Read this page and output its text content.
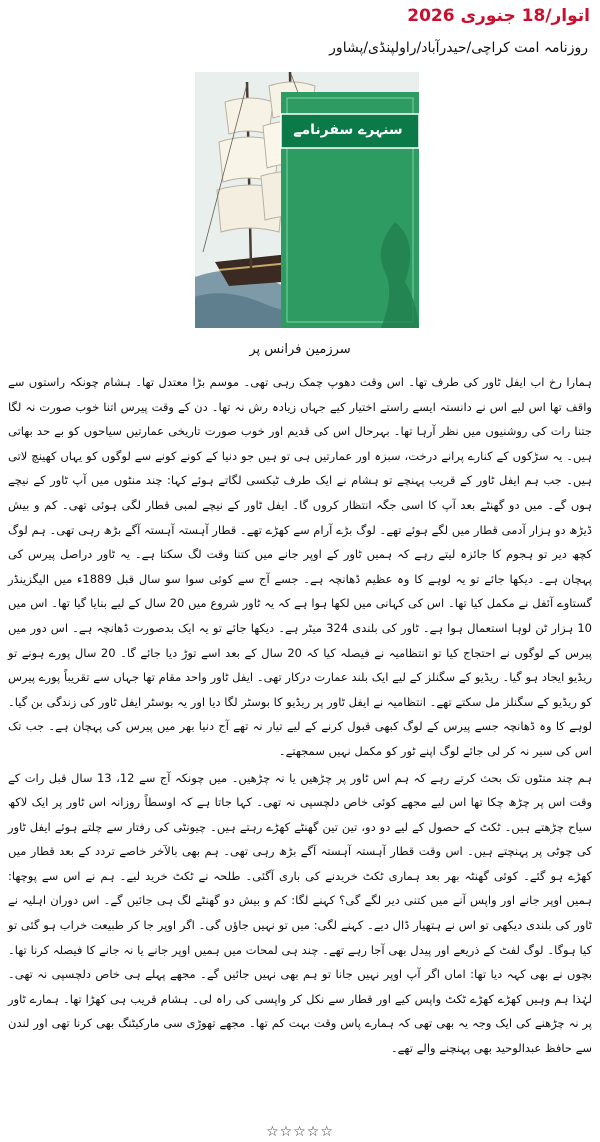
اتوار/18 جنوری 2026
روزنامہ امت کراچی/حیدرآباد/راولپنڈی/پشاور
سنہرے سفرنامے
سرزمین فرانس پر

ہمارا رخ اب ایفل ٹاور کی طرف تھا۔ اس وقت دھوپ چمک رہی تھی۔ موسم بڑا معتدل تھا۔ ہشام چونکہ راستوں سے واقف تھا اس لیے اس نے دانستہ ایسے راستے اختیار کیے جہاں زیادہ رش نہ تھا۔ دن کے وقت پیرس اتنا خوب صورت نہ لگا جتنا رات کی روشنیوں میں نظر آرہا تھا۔ بہرحال اس کی قدیم اور خوب صورت تاریخی عمارتیں سیاحوں کو بے حد بھاتی ہیں۔ یہ سڑکوں کے کنارے پرانے درخت، سبزہ اور عمارتیں ہی تو ہیں جو دنیا کے کونے کونے سے لوگوں کو یہاں کھینچ لاتی ہیں۔ جب ہم ایفل ٹاور کے قریب پہنچے تو ہشام نے ایک طرف ٹیکسی لگاتے ہوئے کہا: چند منٹوں میں آپ ٹاور کے نیچے ہوں گے۔ میں دو گھنٹے بعد آپ کا اسی جگہ انتظار کروں گا۔ ایفل ٹاور کے نیچے لمبی قطار لگی ہوئی تھی۔ کم و بیش ڈیڑھ دو ہزار آدمی قطار میں لگے ہوئے تھے۔ لوگ بڑے آرام سے کھڑے تھے۔ قطار آہستہ آہستہ آگے بڑھ رہی تھی۔ ہم لوگ کچھ دیر تو ہجوم کا جائزہ لیتے رہے کہ ہمیں ٹاور کے اوپر جانے میں کتنا وقت لگ سکتا ہے۔ یہ ٹاور دراصل پیرس کی پہچان ہے۔ دیکھا جائے تو یہ لوہے کا وہ عظیم ڈھانچہ ہے۔ جسے آج سے کوئی سوا سو سال قبل 1889ء میں الیگزینڈر گستاوے آئفل نے مکمل کیا تھا۔ اس کی کہانی میں لکھا ہوا ہے کہ یہ ٹاور شروع میں 20 سال کے لیے بنایا گیا تھا۔ اس میں 10 ہزار ٹن لوہا استعمال ہوا ہے۔ ٹاور کی بلندی 324 میٹر ہے۔ دیکھا جائے تو یہ ایک بدصورت ڈھانچہ ہے۔ اس دور میں پیرس کے لوگوں نے احتجاج کیا تو انتظامیہ نے فیصلہ کیا کہ 20 سال کے بعد اسے توڑ دیا جائے گا۔ 20 سال پورے ہونے تو ریڈیو ایجاد ہو گیا۔ ریڈیو کے سگنلز کے لیے ایک بلند عمارت درکار تھی۔ ایفل ٹاور واحد مقام تھا جہاں سے تقریباً پورے پیرس کو ریڈیو کے سگنلز مل سکتے تھے۔ انتظامیہ نے ایفل ٹاور پر ریڈیو کا بوسٹر لگا دیا اور یہ بوسٹر ایفل ٹاور کی زندگی بن گیا۔ لوہے کا وہ ڈھانچہ جسے پیرس کے لوگ کبھی قبول کرنے کے لیے تیار نہ تھے آج دنیا بھر میں پیرس کی پہچان ہے۔ جب تک اس کی سیر نہ کر لی جائے لوگ اپنے ٹور کو مکمل نہیں سمجھتے۔

ہم چند منٹوں تک بحث کرتے رہے کہ ہم اس ٹاور پر چڑھیں یا نہ چڑھیں۔ میں چونکہ آج سے 12، 13 سال قبل رات کے وقت اس پر چڑھ چکا تھا اس لیے مجھے کوئی خاص دلچسپی نہ تھی۔ کہا جاتا ہے کہ اوسطاً روزانہ اس ٹاور پر ایک لاکھ سیاح چڑھتے ہیں۔ ٹکٹ کے حصول کے لیے دو دو، تین تین گھنٹے کھڑے رہتے ہیں۔ چیونٹی کی رفتار سے چلتے ہوئے ایفل ٹاور کی چوٹی پر پہنچتے ہیں۔ اس وقت قطار آہستہ آہستہ آگے بڑھ رہی تھی۔ ہم بھی بالآخر خاصے تردد کے بعد قطار میں کھڑے ہو گئے۔ کوئی گھنٹہ بھر بعد ہماری ٹکٹ خریدنے کی باری آگئی۔ طلحہ نے ٹکٹ خرید لیے۔ ہم نے اس سے پوچھا: ہمیں اوپر جانے اور واپس آنے میں کتنی دیر لگے گی؟ کہنے لگا: کم و بیش دو گھنٹے لگ ہی جائیں گے۔ اس دوران اہلیہ نے ٹاور کی بلندی دیکھی تو اس نے ہتھیار ڈال دیے۔ کہنے لگی: میں تو نہیں جاؤں گی۔ اگر اوپر جا کر طبیعت خراب ہو گئی تو کیا ہوگا۔ لوگ لفٹ کے ذریعے اور پیدل بھی آجا رہے تھے۔ چند ہی لمحات میں ہمیں اوپر جانے یا نہ جانے کا فیصلہ کرنا تھا۔ بچوں نے بھی کہہ دیا تھا: اماں اگر آپ اوپر نہیں جانا تو ہم بھی نہیں جائیں گے۔ مجھے پہلے ہی خاص دلچسپی نہ تھی۔ لہٰذا ہم وہیں کھڑے کھڑے ٹکٹ واپس کیے اور قطار سے نکل کر واپسی کی راہ لی۔ ہشام قریب ہی کھڑا تھا۔ ہمارے ٹاور پر نہ چڑھنے کی ایک وجہ یہ بھی تھی کہ ہمارے پاس وقت بہت کم تھا۔ مجھے تھوڑی سی مارکیٹنگ بھی کرنا تھی اور لندن سے حافظ عبدالوحید بھی پہنچنے والے تھے۔

☆☆☆☆☆
